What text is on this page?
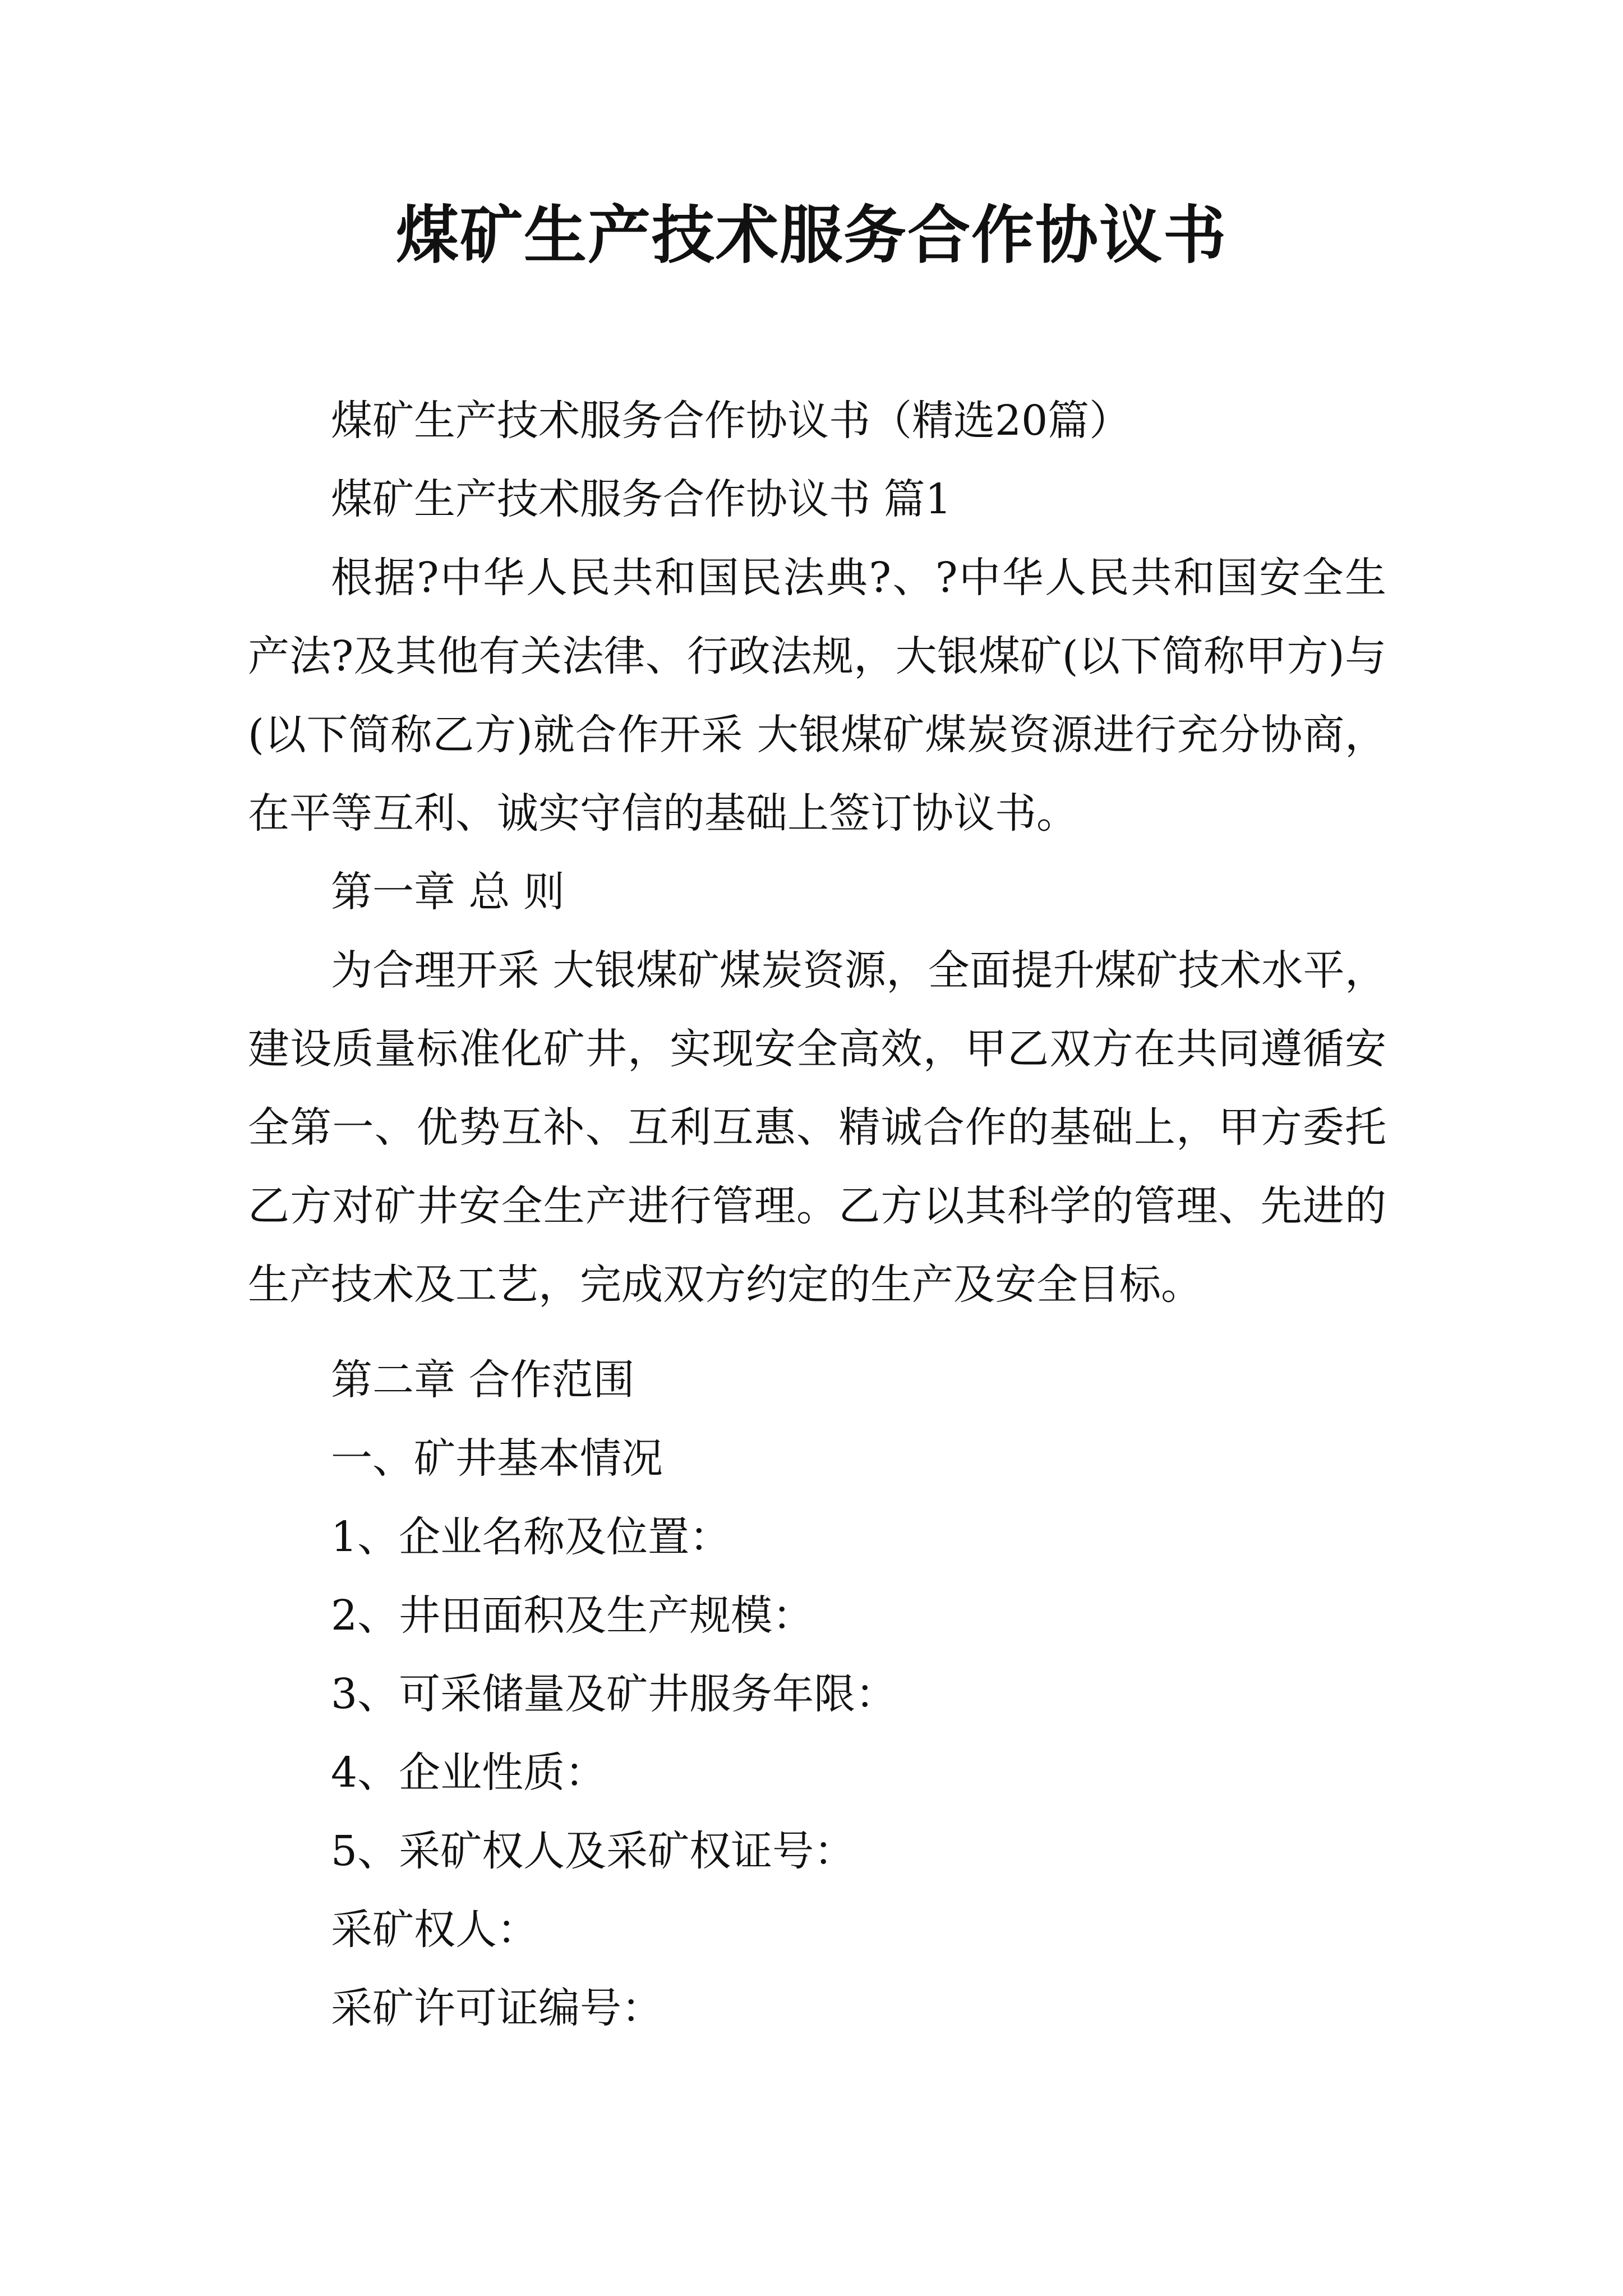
煤矿生产技术服务合作协议书

煤矿生产技术服务合作协议书（精选20篇）

煤矿生产技术服务合作协议书 篇1

根据?中华人民共和国民法典?、?中华人民共和国安全生产法?及其他有关法律、行政法规，大银煤矿(以下简称甲方)与 (以下简称乙方)就合作开采 大银煤矿煤炭资源进行充分协商，在平等互利、诚实守信的基础上签订协议书。

第一章 总 则

为合理开采 大银煤矿煤炭资源，全面提升煤矿技术水平，建设质量标准化矿井，实现安全高效，甲乙双方在共同遵循安全第一、优势互补、互利互惠、精诚合作的基础上，甲方委托乙方对矿井安全生产进行管理。乙方以其科学的管理、先进的生产技术及工艺，完成双方约定的生产及安全目标。

第二章 合作范围

一、矿井基本情况

1、企业名称及位置：

2、井田面积及生产规模：

3、可采储量及矿井服务年限：

4、企业性质：

5、采矿权人及采矿权证号：

采矿权人：

采矿许可证编号：
